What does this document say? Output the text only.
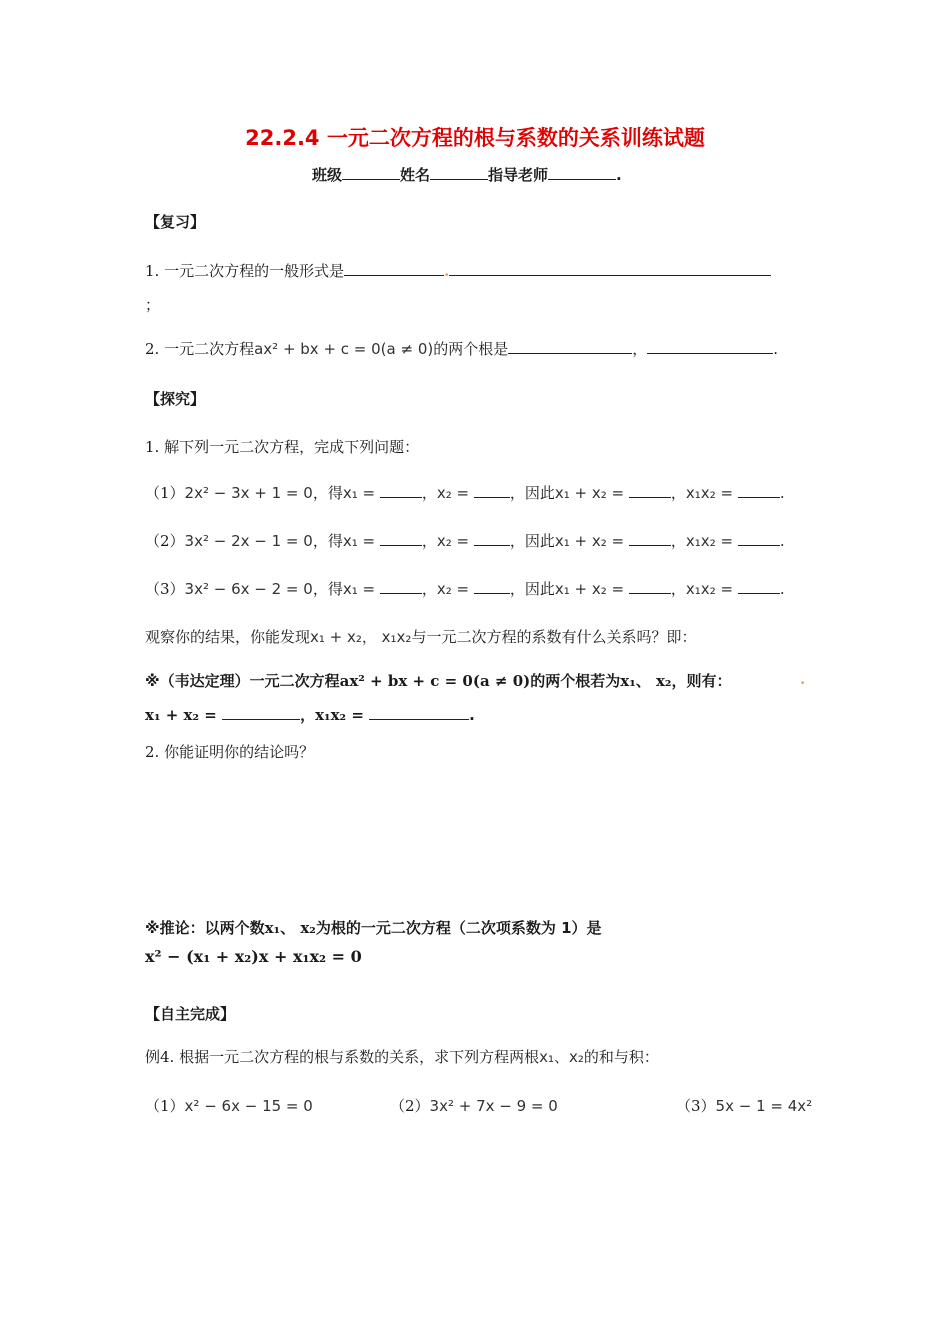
22.2.4 一元二次方程的根与系数的关系训练试题
班级	姓名	指导老师	.
【复习】
1. 一元二次方程的一般形式是	.
；
2. 一元二次方程ax² + bx + c = 0(a ≠ 0)的两个根是	，	.
【探究】
1. 解下列一元二次方程，完成下列问题：
（1）2x² − 3x + 1 = 0，得x₁ =	，x₂ =	，因此x₁ + x₂ =	，x₁x₂ =	.
（2）3x² − 2x − 1 = 0，得x₁ =	，x₂ =	，因此x₁ + x₂ =	，x₁x₂ =	.
（3）3x² − 6x − 2 = 0，得x₁ =	，x₂ =	，因此x₁ + x₂ =	，x₁x₂ =	.
观察你的结果，你能发现x₁ + x₂， x₁x₂与一元二次方程的系数有什么关系吗？即：
※（韦达定理）一元二次方程ax² + bx + c = 0(a ≠ 0)的两个根若为x₁、 x₂，则有：	.
x₁ + x₂ =	，x₁x₂ =	.
2. 你能证明你的结论吗？
※推论：以两个数x₁、 x₂为根的一元二次方程（二次项系数为 1）是
x² − (x₁ + x₂)x + x₁x₂ = 0
【自主完成】
例4. 根据一元二次方程的根与系数的关系，求下列方程两根x₁、x₂的和与积：
（1）x² − 6x − 15 = 0	（2）3x² + 7x − 9 = 0	（3）5x − 1 = 4x²
